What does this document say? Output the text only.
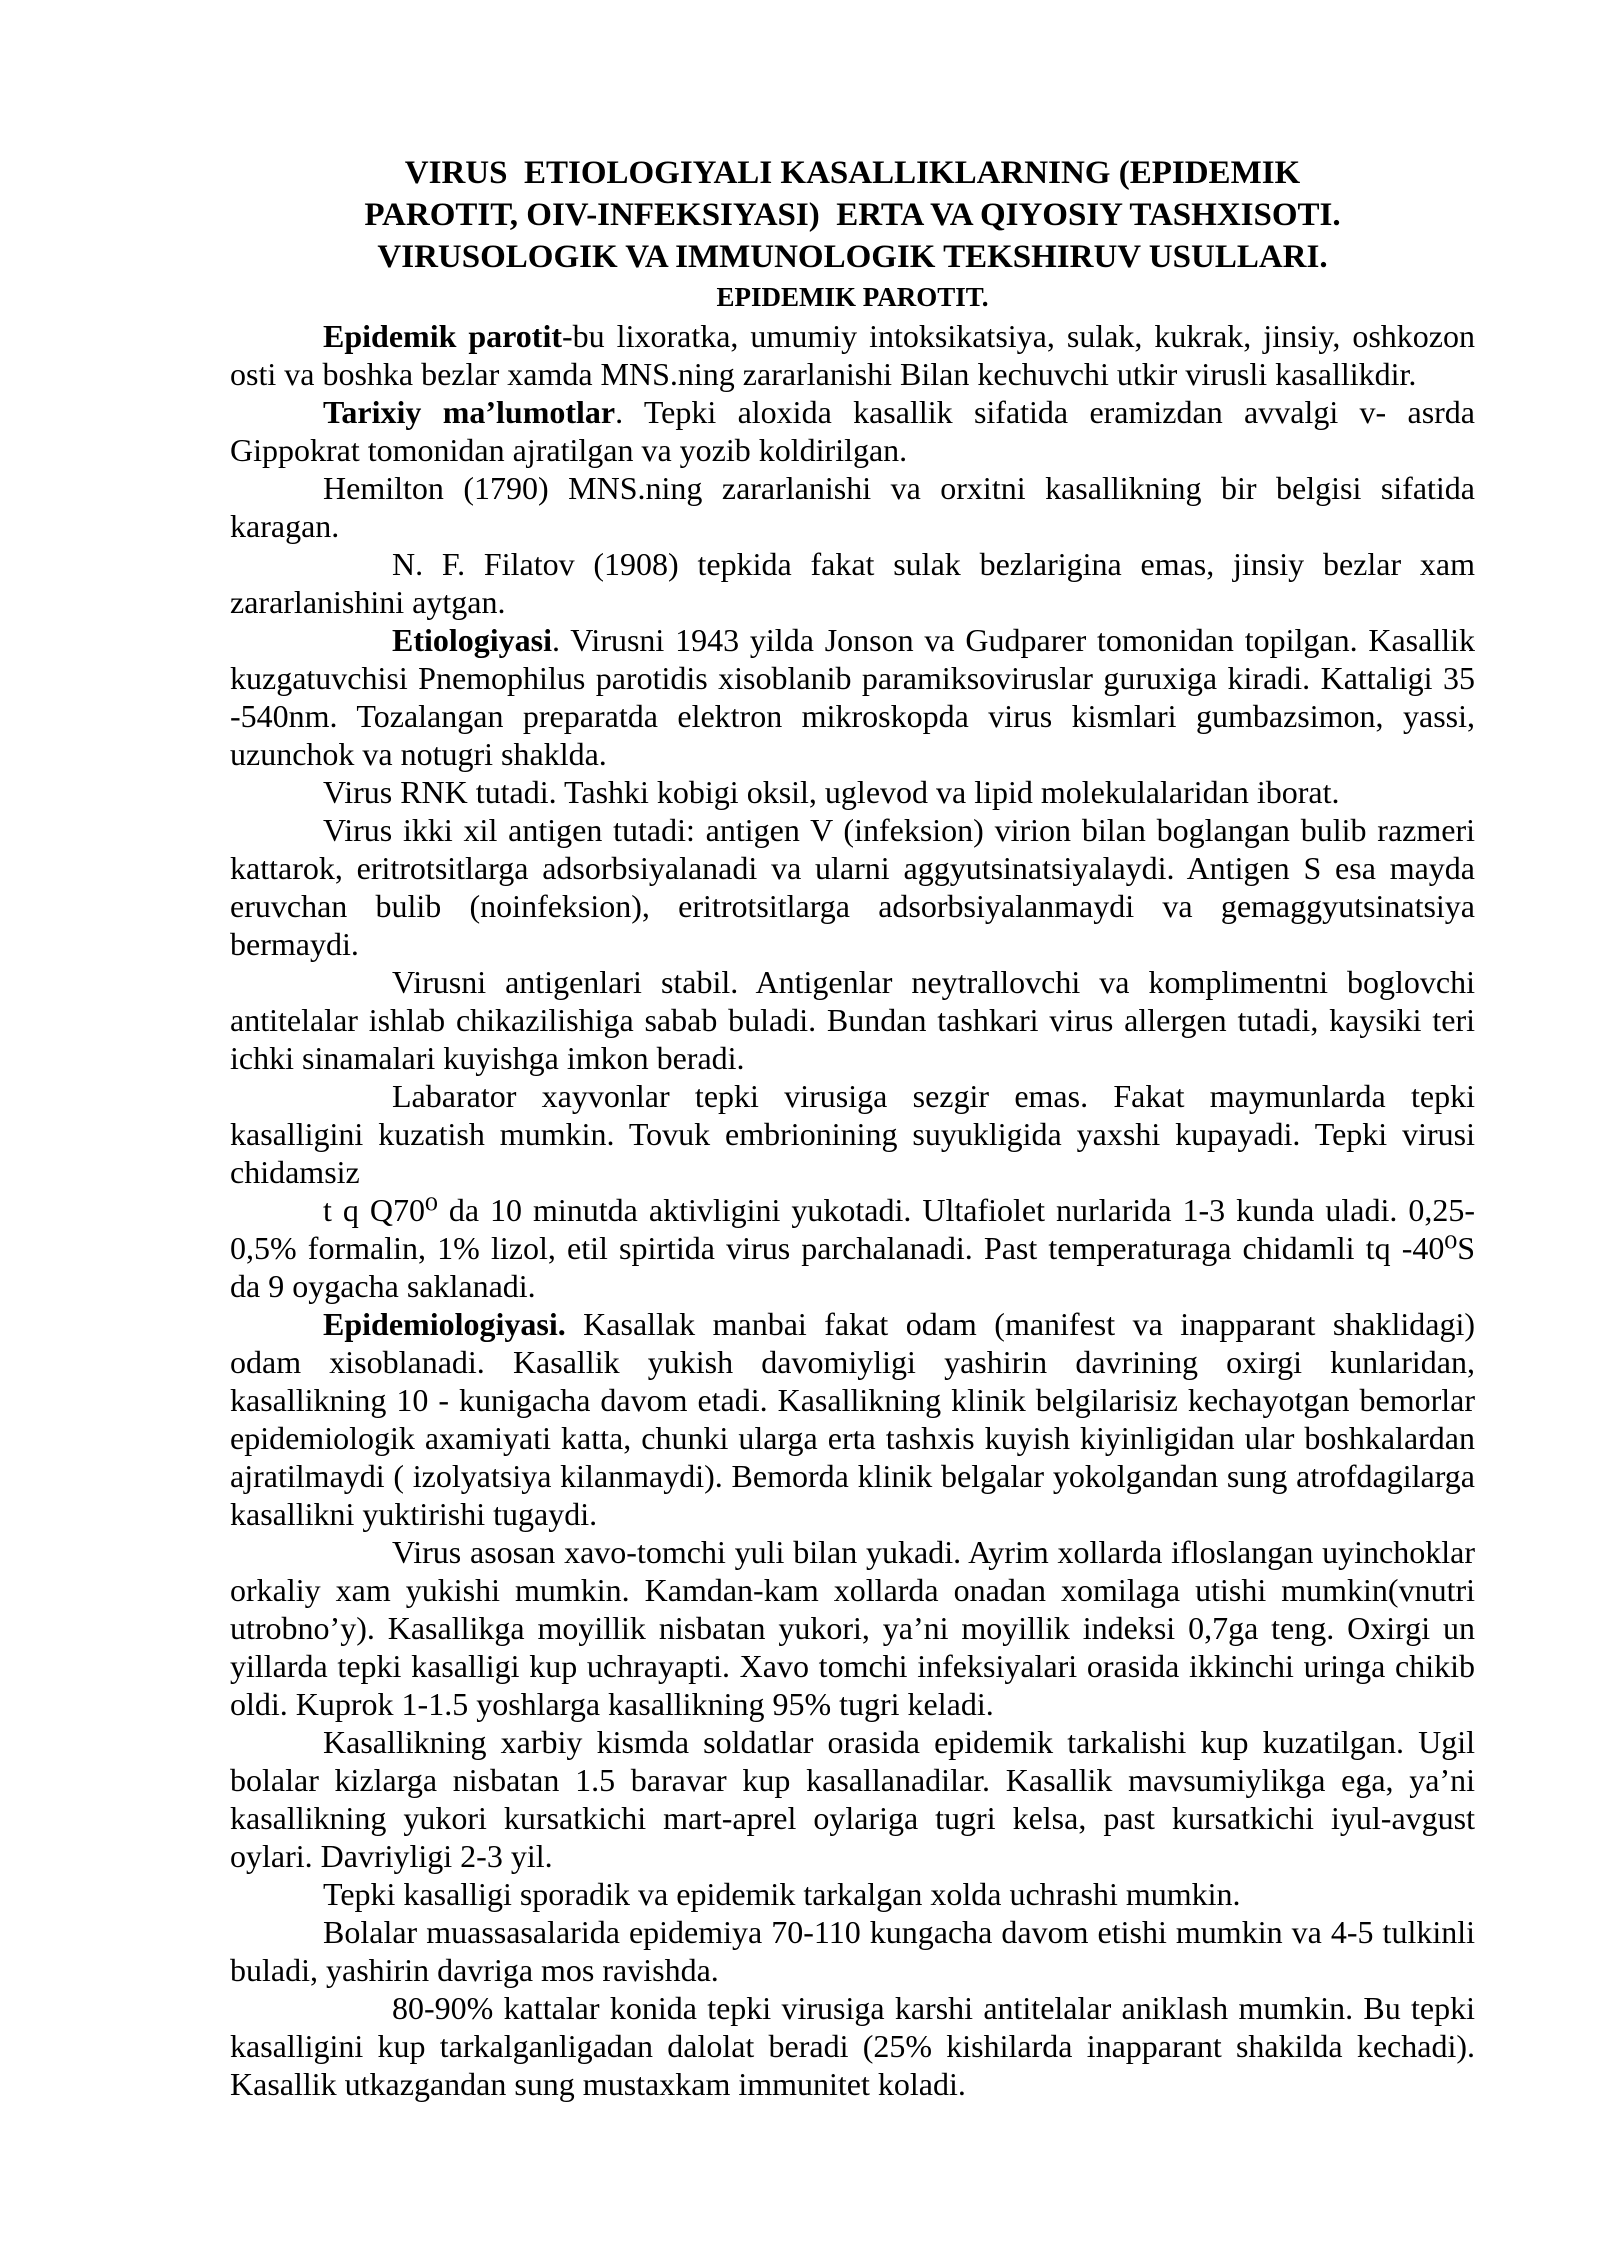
VIRUS  ETIOLOGIYALI KASALLIKLARNING (EPIDEMIK
PAROTIT, OIV-INFEKSIYASI)  ERTA VA QIYOSIY TASHXISOTI.
VIRUSOLOGIK VA IMMUNOLOGIK TEKSHIRUV USULLARI.
EPIDEMIK PAROTIT.

Epidemik parotit-bu lixoratka, umumiy intoksikatsiya, sulak, kukrak, jinsiy, oshkozon osti va boshka bezlar xamda MNS.ning zararlanishi Bilan kechuvchi utkir virusli kasallikdir.

Tarixiy ma’lumotlar. Tepki aloxida kasallik sifatida eramizdan avvalgi v- asrda Gippokrat tomonidan ajratilgan va yozib koldirilgan.

Hemilton (1790) MNS.ning zararlanishi va orxitni kasallikning bir belgisi sifatida karagan.

N. F. Filatov (1908) tepkida fakat sulak bezlarigina emas, jinsiy bezlar xam zararlanishini aytgan.

Etiologiyasi. Virusni 1943 yilda Jonson va Gudparer tomonidan topilgan. Kasallik kuzgatuvchisi Pnemophilus parotidis xisoblanib paramiksoviruslar guruxiga kiradi. Kattaligi 35 -540nm. Tozalangan preparatda elektron mikroskopda virus kismlari gumbazsimon, yassi, uzunchok va notugri shaklda.

Virus RNK tutadi. Tashki kobigi oksil, uglevod va lipid molekulalaridan iborat.

Virus ikki xil antigen tutadi: antigen V (infeksion) virion bilan boglangan bulib razmeri kattarok, eritrotsitlarga adsorbsiyalanadi va ularni aggyutsinatsiyalaydi. Antigen S esa mayda eruvchan bulib (noinfeksion), eritrotsitlarga adsorbsiyalanmaydi va gemaggyutsinatsiya bermaydi.

Virusni antigenlari stabil. Antigenlar neytrallovchi va komplimentni boglovchi antitelalar ishlab chikazilishiga sabab buladi. Bundan tashkari virus allergen tutadi, kaysiki teri ichki sinamalari kuyishga imkon beradi.

Labarator xayvonlar tepki virusiga sezgir emas. Fakat maymunlarda tepki kasalligini kuzatish mumkin. Tovuk embrionining suyukligida yaxshi kupayadi. Tepki virusi chidamsiz

t q Q70⁰ da 10 minutda aktivligini yukotadi. Ultafiolet nurlarida 1-3 kunda uladi. 0,25-0,5% formalin, 1% lizol, etil spirtida virus parchalanadi. Past temperaturaga chidamli tq -40⁰S da 9 oygacha saklanadi.

Epidemiologiyasi. Kasallak manbai fakat odam (manifest va inapparant shaklidagi) odam xisoblanadi. Kasallik yukish davomiyligi yashirin davrining oxirgi kunlaridan, kasallikning 10 - kunigacha davom etadi. Kasallikning klinik belgilarisiz kechayotgan bemorlar epidemiologik axamiyati katta, chunki ularga erta tashxis kuyish kiyinligidan ular boshkalardan ajratilmaydi ( izolyatsiya kilanmaydi). Bemorda klinik belgalar yokolgandan sung atrofdagilarga kasallikni yuktirishi tugaydi.

Virus asosan xavo-tomchi yuli bilan yukadi. Ayrim xollarda ifloslangan uyinchoklar orkaliy xam yukishi mumkin. Kamdan-kam xollarda onadan xomilaga utishi mumkin(vnutri utrobno’y). Kasallikga moyillik nisbatan yukori, ya’ni moyillik indeksi 0,7ga teng. Oxirgi un yillarda tepki kasalligi kup uchrayapti. Xavo tomchi infeksiyalari orasida ikkinchi uringa chikib oldi. Kuprok 1-1.5 yoshlarga kasallikning 95% tugri keladi.

Kasallikning xarbiy kismda soldatlar orasida epidemik tarkalishi kup kuzatilgan. Ugil bolalar kizlarga nisbatan 1.5 baravar kup kasallanadilar. Kasallik mavsumiylikga ega, ya’ni kasallikning yukori kursatkichi mart-aprel oylariga tugri kelsa, past kursatkichi iyul-avgust oylari. Davriyligi 2-3 yil.

Tepki kasalligi sporadik va epidemik tarkalgan xolda uchrashi mumkin.

Bolalar muassasalarida epidemiya 70-110 kungacha davom etishi mumkin va 4-5 tulkinli buladi, yashirin davriga mos ravishda.

80-90% kattalar konida tepki virusiga karshi antitelalar aniklash mumkin. Bu tepki kasalligini kup tarkalganligadan dalolat beradi (25% kishilarda inapparant shakilda kechadi). Kasallik utkazgandan sung mustaxkam immunitet koladi.
